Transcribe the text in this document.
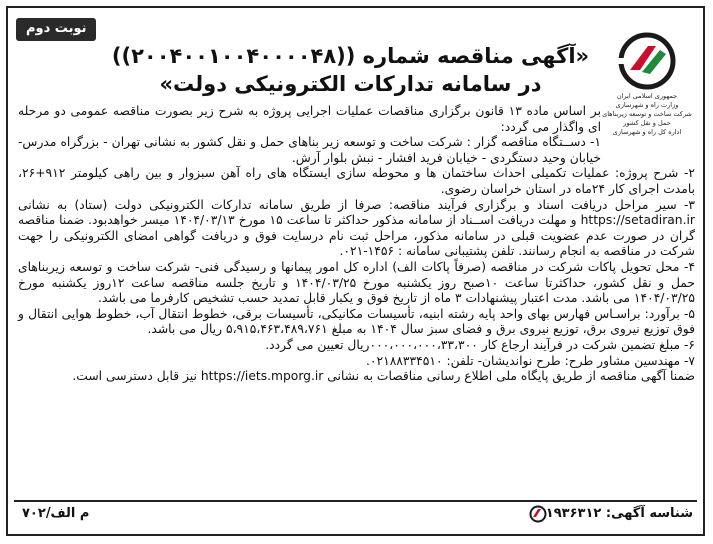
نوبت دوم
جمهوری اسلامی ایران
وزارت راه و شهرسازی
شرکت ساخت و توسعه زیربناهای حمل و نقل کشور
اداره کل راه و شهرسازی

«آگهی مناقصه شماره ((۲۰۰۴۰۰۱۰۰۴۰۰۰۰۴۸))

در سامانه تدارکات الکترونیکی دولت»

بر اساس ماده ۱۳ قانون برگزاری مناقصات عملیات اجرایی پروژه به شرح زیر بصورت مناقصه عمومی دو مرحله ای واگذار می گردد:

۱- دســتگاه مناقصه گزار : شرکت ساخت و توسعه زیر بناهای حمل و نقل کشور به نشانی تهران - بزرگراه مدرس- خیابان وحید دستگردی - خیابان فرید افشار - نبش بلوار آرش.

۲- شرح پروژه: عملیات تکمیلی احداث ساختمان ها و محوطه سازی ایستگاه های راه آهن سبزوار و بین راهی کیلومتر ۹۱۲+۲۶، بامدت اجرای کار ۲۴ماه در استان خراسان رضوی.

۳- سیر مراحل دریافت اسناد و برگزاری فرآیند مناقصه: صرفا از طریق سامانه تدارکات الکترونیکی دولت (ستاد) به نشانی https://setadiran.ir و مهلت دریافت اســناد از سامانه مذکور حداکثر تا ساعت ۱۵ مورخ ۱۴۰۴/۰۳/۱۳ میسر خواهدبود. ضمنا مناقصه گران در صورت عدم عضویت قبلی در سامانه مذکور، مراحل ثبت نام درسایت فوق و دریافت گواهی امضای الکترونیکی را جهت شرکت در مناقصه به انجام رسانند. تلفن پشتیبانی سامانه : ۱۴۵۶-۰۲۱.

۴- محل تحویل پاکات شرکت در مناقصه (صرفاً پاکات الف) اداره کل امور پیمانها و رسیدگی فنی- شرکت ساخت و توسعه زیربناهای حمل و نقل کشور، حداکثرتا ساعت ۱۰صبح روز یکشنبه مورخ ۱۴۰۴/۰۳/۲۵ و تاریخ جلسه مناقصه ساعت ۱۲روز یکشنبه مورخ ۱۴۰۴/۰۳/۲۵ می باشد. مدت اعتبار پیشنهادات ۳ ماه از تاریخ فوق و یکبار قابل تمدید حسب تشخیص کارفرما می باشد.

۵- برآورد: براسـاس فهارس بهای واحد پایه رشته ابنیه، تأسیسات مکانیکی، تأسیسات برقی، خطوط انتقال آب، خطوط هوایی انتقال و فوق توزیع نیروی برق، توزیع نیروی برق و فضای سبز سال ۱۴۰۴ به مبلغ ۵،۹۱۵،۴۶۳،۴۸۹،۷۶۱ ریال می باشد.

۶- مبلغ تضمین شرکت در فرآیند ارجاع کار ۰۰۰،۰۰۰،۰۰۰،۳۳،۳۰۰ریال تعیین می گردد.

۷- مهندسین مشاور طرح: طرح نواندیشان- تلفن: ۰۲۱۸۸۳۳۴۵۱۰.

ضمنا آگهی مناقصه از طریق پایگاه ملی اطلاع رسانی مناقصات به نشانی https://iets.mporg.ir نیز قابل دسترسی است.

شناسه آگهی: ۱۹۳۶۳۱۲
م الف/۷۰۲
